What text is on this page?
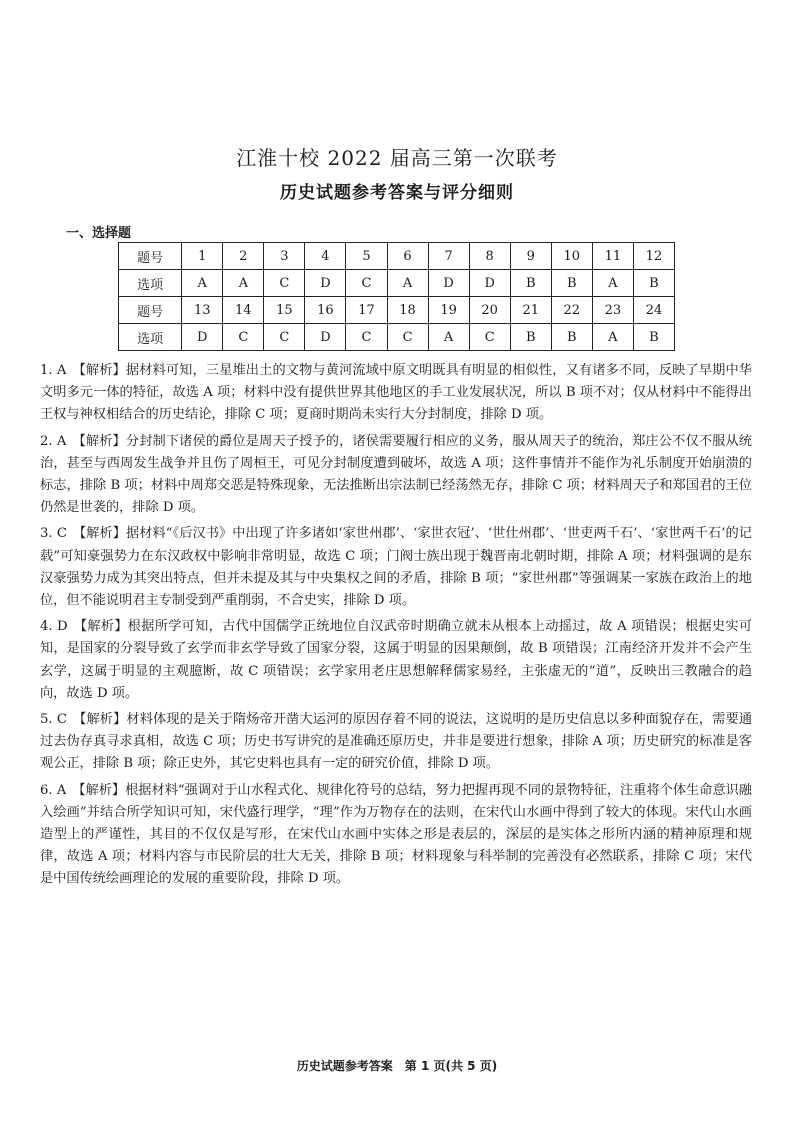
江淮十校 2022 届高三第一次联考
历史试题参考答案与评分细则
一、选择题
题号	1	2	3	4	5	6	7	8	9	10	11	12
选项	A	A	C	D	C	A	D	D	B	B	A	B
题号	13	14	15	16	17	18	19	20	21	22	23	24
选项	D	C	C	D	C	C	A	C	B	B	A	B

1. A 【解析】据材料可知，三星堆出土的文物与黄河流域中原文明既具有明显的相似性，又有诸多不同，反映了早期中华文明多元一体的特征，故选 A 项；材料中没有提供世界其他地区的手工业发展状况，所以 B 项不对；仅从材料中不能得出王权与神权相结合的历史结论，排除 C 项；夏商时期尚未实行大分封制度，排除 D 项。

2. A 【解析】分封制下诸侯的爵位是周天子授予的，诸侯需要履行相应的义务，服从周天子的统治，郑庄公不仅不服从统治，甚至与西周发生战争并且伤了周桓王，可见分封制度遭到破坏，故选 A 项；这件事情并不能作为礼乐制度开始崩溃的标志，排除 B 项；材料中周郑交恶是特殊现象，无法推断出宗法制已经荡然无存，排除 C 项；材料周天子和郑国君的王位仍然是世袭的，排除 D 项。

3. C 【解析】据材料“《后汉书》中出现了许多诸如‘家世州郡’、‘家世衣冠’、‘世仕州郡’、‘世吏两千石’、‘家世两千石’的记载”可知豪强势力在东汉政权中影响非常明显，故选 C 项；门阀士族出现于魏晋南北朝时期，排除 A 项；材料强调的是东汉豪强势力成为其突出特点，但并未提及其与中央集权之间的矛盾，排除 B 项；“家世州郡”等强调某一家族在政治上的地位，但不能说明君主专制受到严重削弱，不合史实，排除 D 项。

4. D 【解析】根据所学可知，古代中国儒学正统地位自汉武帝时期确立就未从根本上动摇过，故 A 项错误；根据史实可知，是国家的分裂导致了玄学而非玄学导致了国家分裂，这属于明显的因果颠倒，故 B 项错误；江南经济开发并不会产生玄学，这属于明显的主观臆断，故 C 项错误；玄学家用老庄思想解释儒家易经，主张虚无的“道”，反映出三教融合的趋向，故选 D 项。

5. C 【解析】材料体现的是关于隋炀帝开凿大运河的原因存着不同的说法，这说明的是历史信息以多种面貌存在，需要通过去伪存真寻求真相，故选 C 项；历史书写讲究的是准确还原历史，并非是要进行想象，排除 A 项；历史研究的标准是客观公正，排除 B 项；除正史外，其它史料也具有一定的研究价值，排除 D 项。

6. A 【解析】根据材料“强调对于山水程式化、规律化符号的总结，努力把握再现不同的景物特征，注重将个体生命意识融入绘画”并结合所学知识可知，宋代盛行理学，“理”作为万物存在的法则，在宋代山水画中得到了较大的体现。宋代山水画造型上的严谨性，其目的不仅仅是写形，在宋代山水画中实体之形是表层的，深层的是实体之形所内涵的精神原理和规律，故选 A 项；材料内容与市民阶层的壮大无关，排除 B 项；材料现象与科举制的完善没有必然联系，排除 C 项；宋代是中国传统绘画理论的发展的重要阶段，排除 D 项。

历史试题参考答案　第 1 页(共 5 页)
